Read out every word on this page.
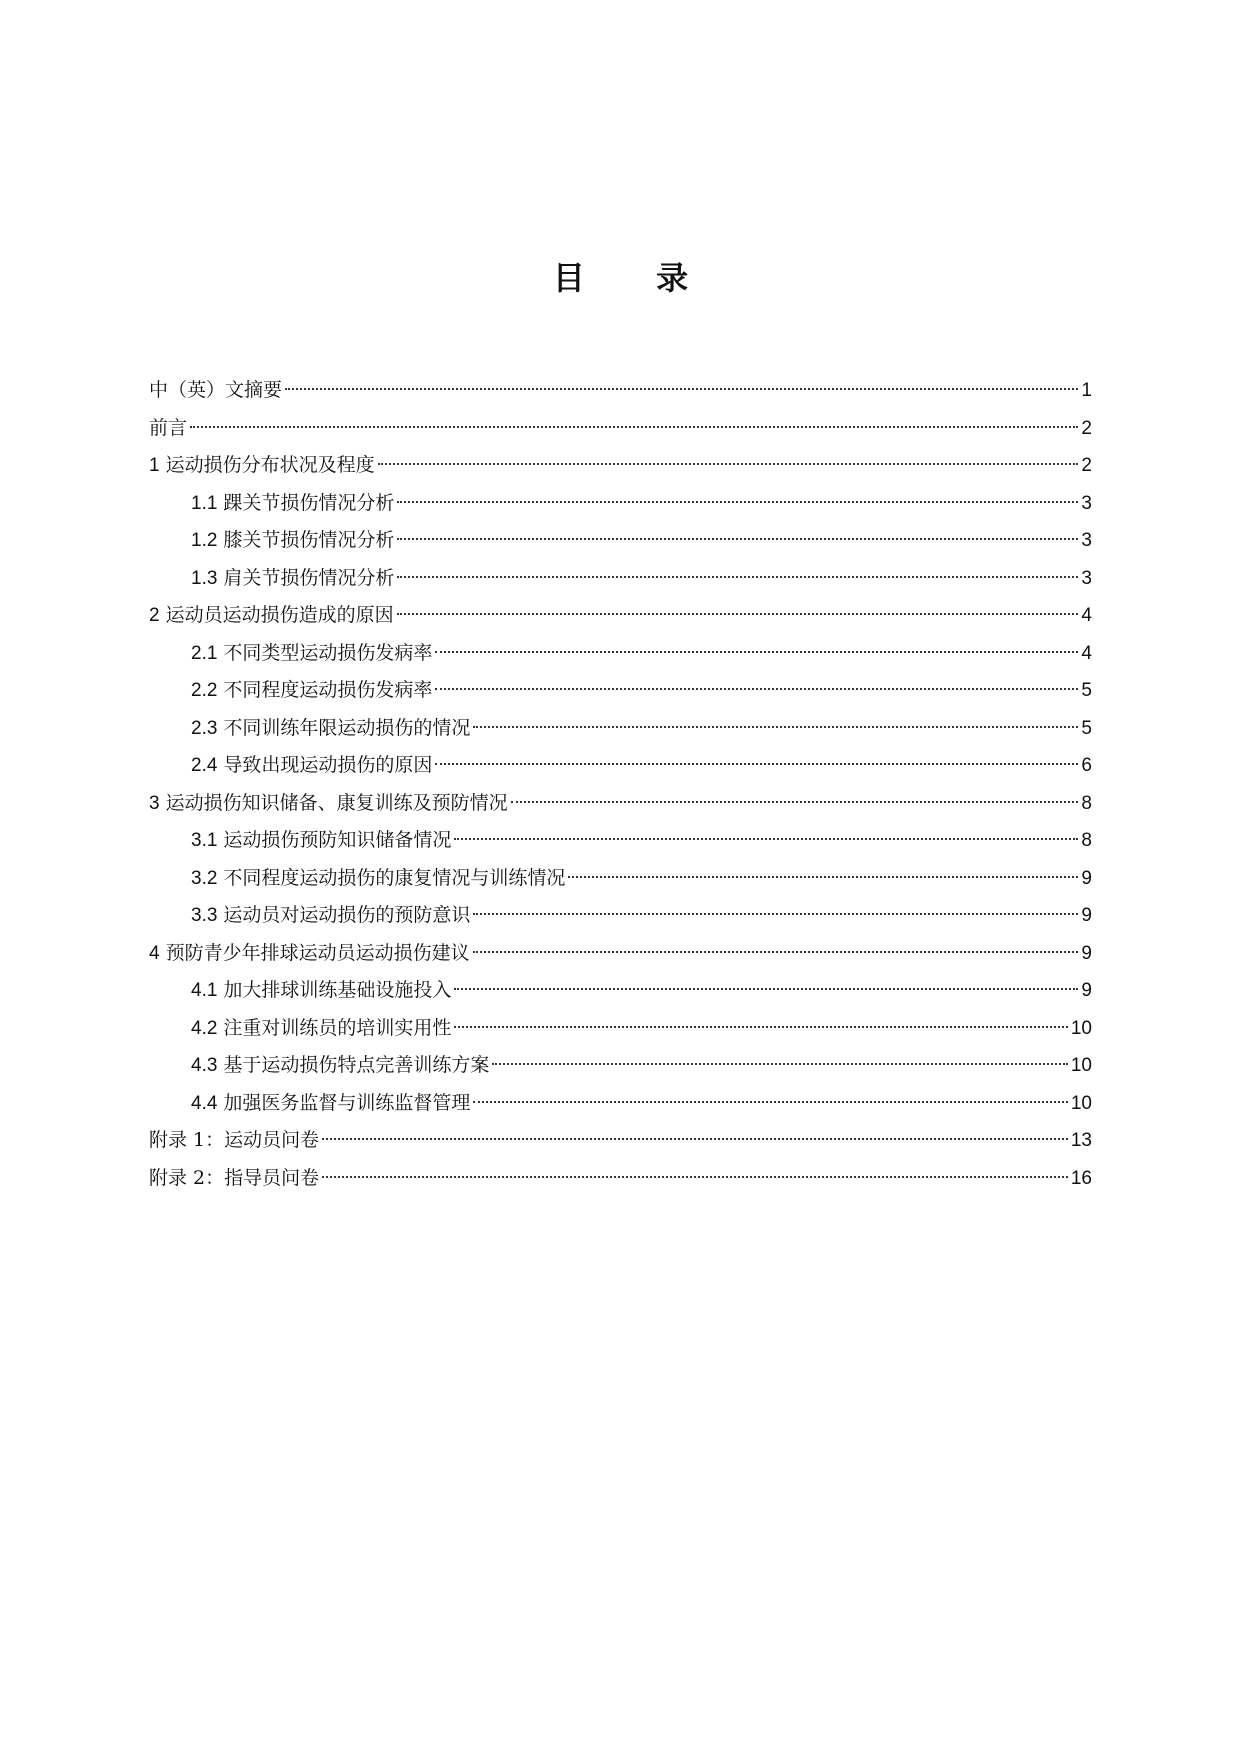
目 录
中（英）文摘要	1
前言	2
1 运动损伤分布状况及程度	2
1.1 踝关节损伤情况分析	3
1.2 膝关节损伤情况分析	3
1.3 肩关节损伤情况分析	3
2 运动员运动损伤造成的原因	4
2.1 不同类型运动损伤发病率	4
2.2 不同程度运动损伤发病率	5
2.3 不同训练年限运动损伤的情况	5
2.4 导致出现运动损伤的原因	6
3 运动损伤知识储备、康复训练及预防情况	8
3.1 运动损伤预防知识储备情况	8
3.2 不同程度运动损伤的康复情况与训练情况	9
3.3 运动员对运动损伤的预防意识	9
4 预防青少年排球运动员运动损伤建议	9
4.1 加大排球训练基础设施投入	9
4.2 注重对训练员的培训实用性	10
4.3 基于运动损伤特点完善训练方案	10
4.4 加强医务监督与训练监督管理	10
附录 1：运动员问卷	13
附录 2：指导员问卷	16
